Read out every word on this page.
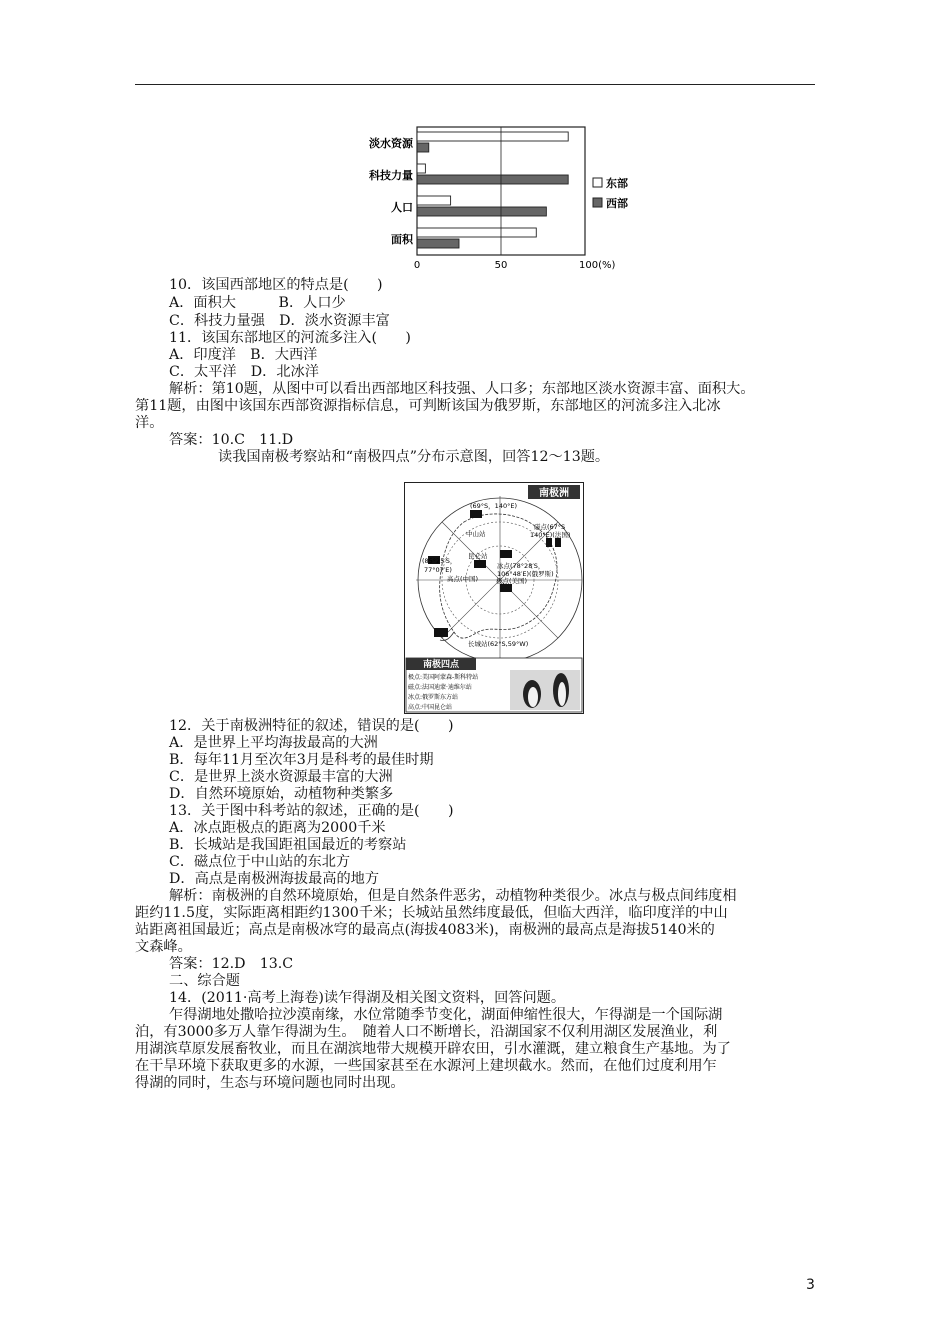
0	50	100(%)
淡水资源
科技力量
人口
面积
东部
西部
10．该国西部地区的特点是(　　)
A．面积大　　　B．人口少
C．科技力量强　D．淡水资源丰富
11．该国东部地区的河流多注入(　　)
A．印度洋　B．大西洋
C．太平洋　D．北冰洋
解析：第10题，从图中可以看出西部地区科技强、人口多；东部地区淡水资源丰富、面积大。
第11题，由图中该国东西部资源指标信息，可判断该国为俄罗斯，东部地区的河流多注入北冰
洋。
答案：10.C　11.D
读我国南极考察站和“南极四点”分布示意图，回答12～13题。
南极洲
(69°S，140°E)
磁点(67°S
140°E)(法国)
中山站
昆仑站
(85°25′S，
77°07′E)
高点(中国)
冰点(78°28′S，
106°48′E)(俄罗斯)
极点(美国)
长城站(62°S,59°W)
南极四点
极点:美国阿蒙森-斯科特站
磁点:法国迪蒙·迪维尔站
冰点:俄罗斯东方站
高点:中国昆仑站
12．关于南极洲特征的叙述，错误的是(　　)
A．是世界上平均海拔最高的大洲
B．每年11月至次年3月是科考的最佳时期
C．是世界上淡水资源最丰富的大洲
D．自然环境原始，动植物种类繁多
13．关于图中科考站的叙述，正确的是(　　)
A．冰点距极点的距离为2000千米
B．长城站是我国距祖国最近的考察站
C．磁点位于中山站的东北方
D．高点是南极洲海拔最高的地方
解析：南极洲的自然环境原始，但是自然条件恶劣，动植物种类很少。冰点与极点间纬度相
距约11.5度，实际距离相距约1300千米；长城站虽然纬度最低，但临大西洋，临印度洋的中山
站距离祖国最近；高点是南极冰穹的最高点(海拔4083米)，南极洲的最高点是海拔5140米的
文森峰。
答案：12.D　13.C
二、综合题
14．(2011·高考上海卷)读乍得湖及相关图文资料，回答问题。
乍得湖地处撒哈拉沙漠南缘，水位常随季节变化，湖面伸缩性很大，乍得湖是一个国际湖
泊，有3000多万人靠乍得湖为生。　随着人口不断增长，沿湖国家不仅利用湖区发展渔业，利
用湖滨草原发展畜牧业，而且在湖滨地带大规模开辟农田，引水灌溉，建立粮食生产基地。为了
在干旱环境下获取更多的水源，一些国家甚至在水源河上建坝截水。然而，在他们过度利用乍
得湖的同时，生态与环境问题也同时出现。
3
